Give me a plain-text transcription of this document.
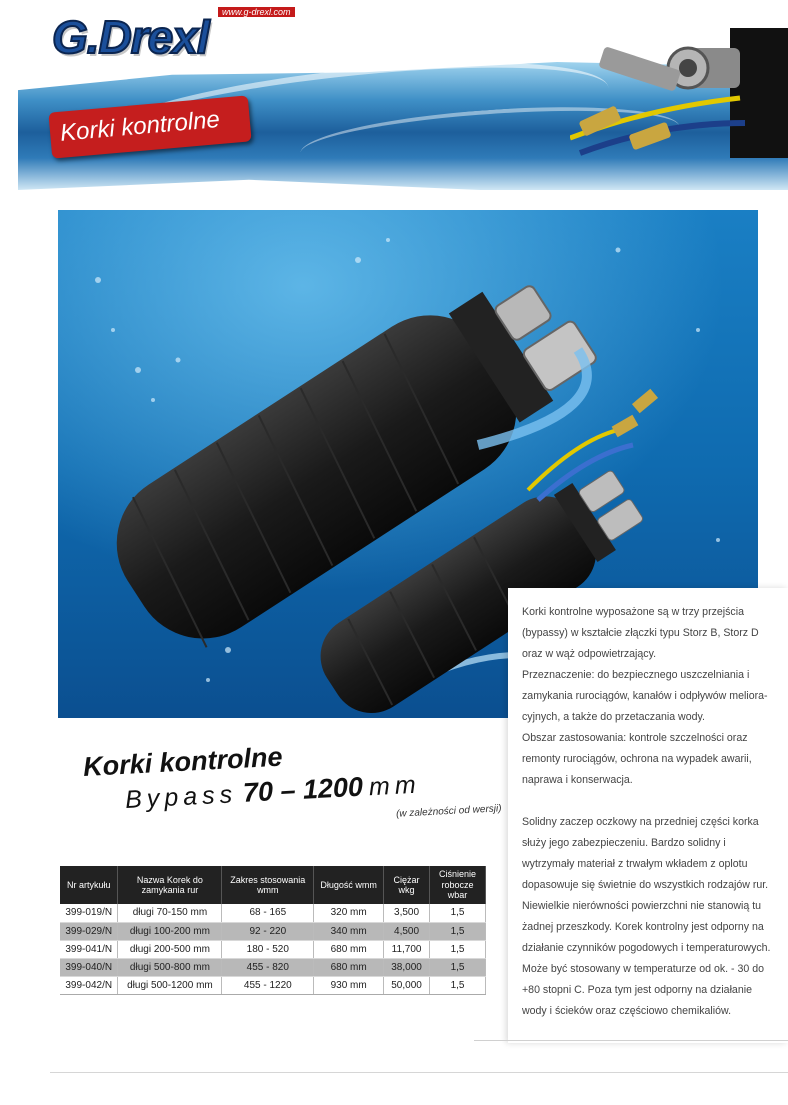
G.Drexl	www.g-drexl.com
Korki kontrolne
Korki kontrolne
Bypass 70 – 1200 mm
(w zależności od wersji)
Nr artykułu	Nazwa Korek do zamykania rur	Zakres stosowania wmm	Długość wmm	Ciężar wkg	Ciśnienie robocze wbar
399-019/N	długi 70-150 mm	68 - 165	320 mm	3,500	1,5
399-029/N	długi 100-200 mm	92 - 220	340 mm	4,500	1,5
399-041/N	długi 200-500 mm	180 - 520	680 mm	11,700	1,5
399-040/N	długi 500-800 mm	455 - 820	680 mm	38,000	1,5
399-042/N	długi 500-1200 mm	455 - 1220	930 mm	50,000	1,5

Korki kontrolne wyposażone są w trzy przejścia

(bypassy) w kształcie złączki typu Storz B, Storz D

oraz w wąż odpowietrzający.

Przeznaczenie: do bezpiecznego uszczelniania i

zamykania rurociągów, kanałów i odpływów meliora-

cyjnych, a także do przetaczania wody.

Obszar zastosowania: kontrole szczelności oraz

remonty rurociągów, ochrona na wypadek awarii,

naprawa i konserwacja.

Solidny zaczep oczkowy na przedniej części korka

służy jego zabezpieczeniu. Bardzo solidny i

wytrzymały materiał z trwałym wkładem z oplotu

dopasowuje się świetnie do wszystkich rodzajów rur.

Niewielkie nierówności powierzchni nie stanowią tu

żadnej przeszkody. Korek kontrolny jest odporny na

działanie czynników pogodowych i temperaturowych.

Może być stosowany w temperaturze od ok. - 30 do

+80 stopni C. Poza tym jest odporny na działanie

wody i ścieków oraz częściowo chemikaliów.
